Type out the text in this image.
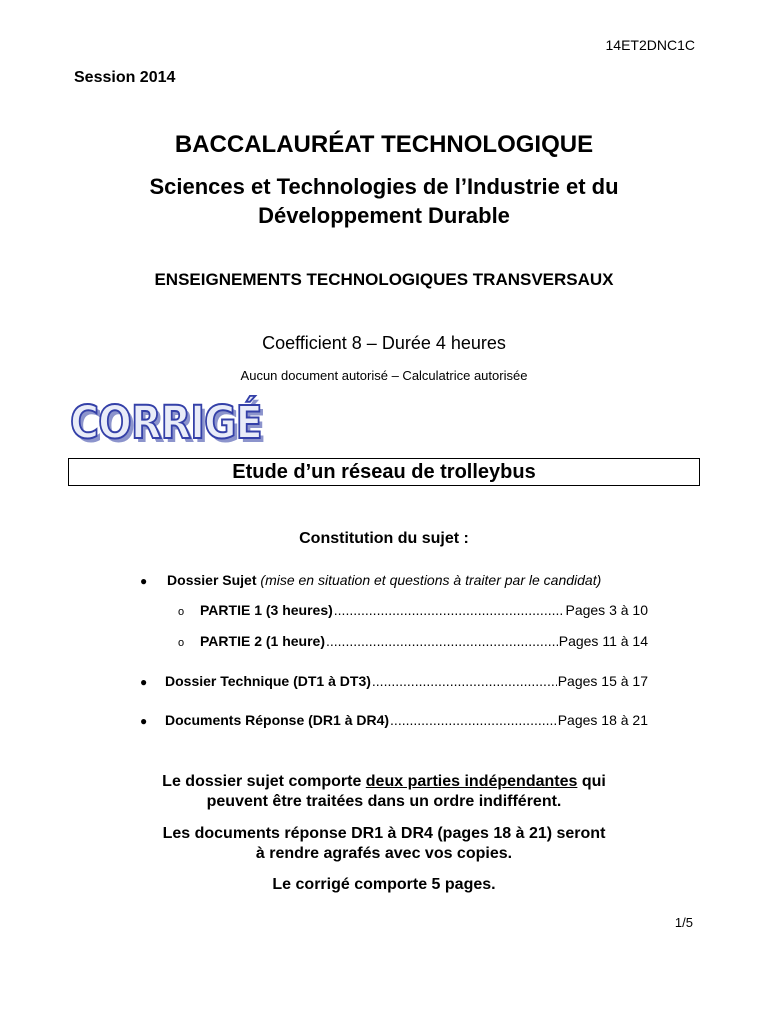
14ET2DNC1C
Session 2014
BACCALAURÉAT TECHNOLOGIQUE
Sciences et Technologies de l’Industrie et du
Développement Durable
ENSEIGNEMENTS TECHNOLOGIQUES TRANSVERSAUX
Coefficient 8 – Durée 4 heures
Aucun document autorisé – Calculatrice autorisée
CORRIGÉ
Etude d’un réseau de trolleybus
Constitution du sujet :
● Dossier Sujet (mise en situation et questions à traiter par le candidat)
o	PARTIE 1 (3 heures) .....	Pages 3 à 10
o	PARTIE 2 (1 heure) .....	Pages 11 à 14
●	Dossier Technique (DT1 à DT3) .....	Pages 15 à 17
●	Documents Réponse (DR1 à DR4) .....	Pages 18 à 21
Le dossier sujet comporte deux parties indépendantes qui
peuvent être traitées dans un ordre indifférent.
Les documents réponse DR1 à DR4 (pages 18 à 21) seront
à rendre agrafés avec vos copies.
Le corrigé comporte 5 pages.
1/5
